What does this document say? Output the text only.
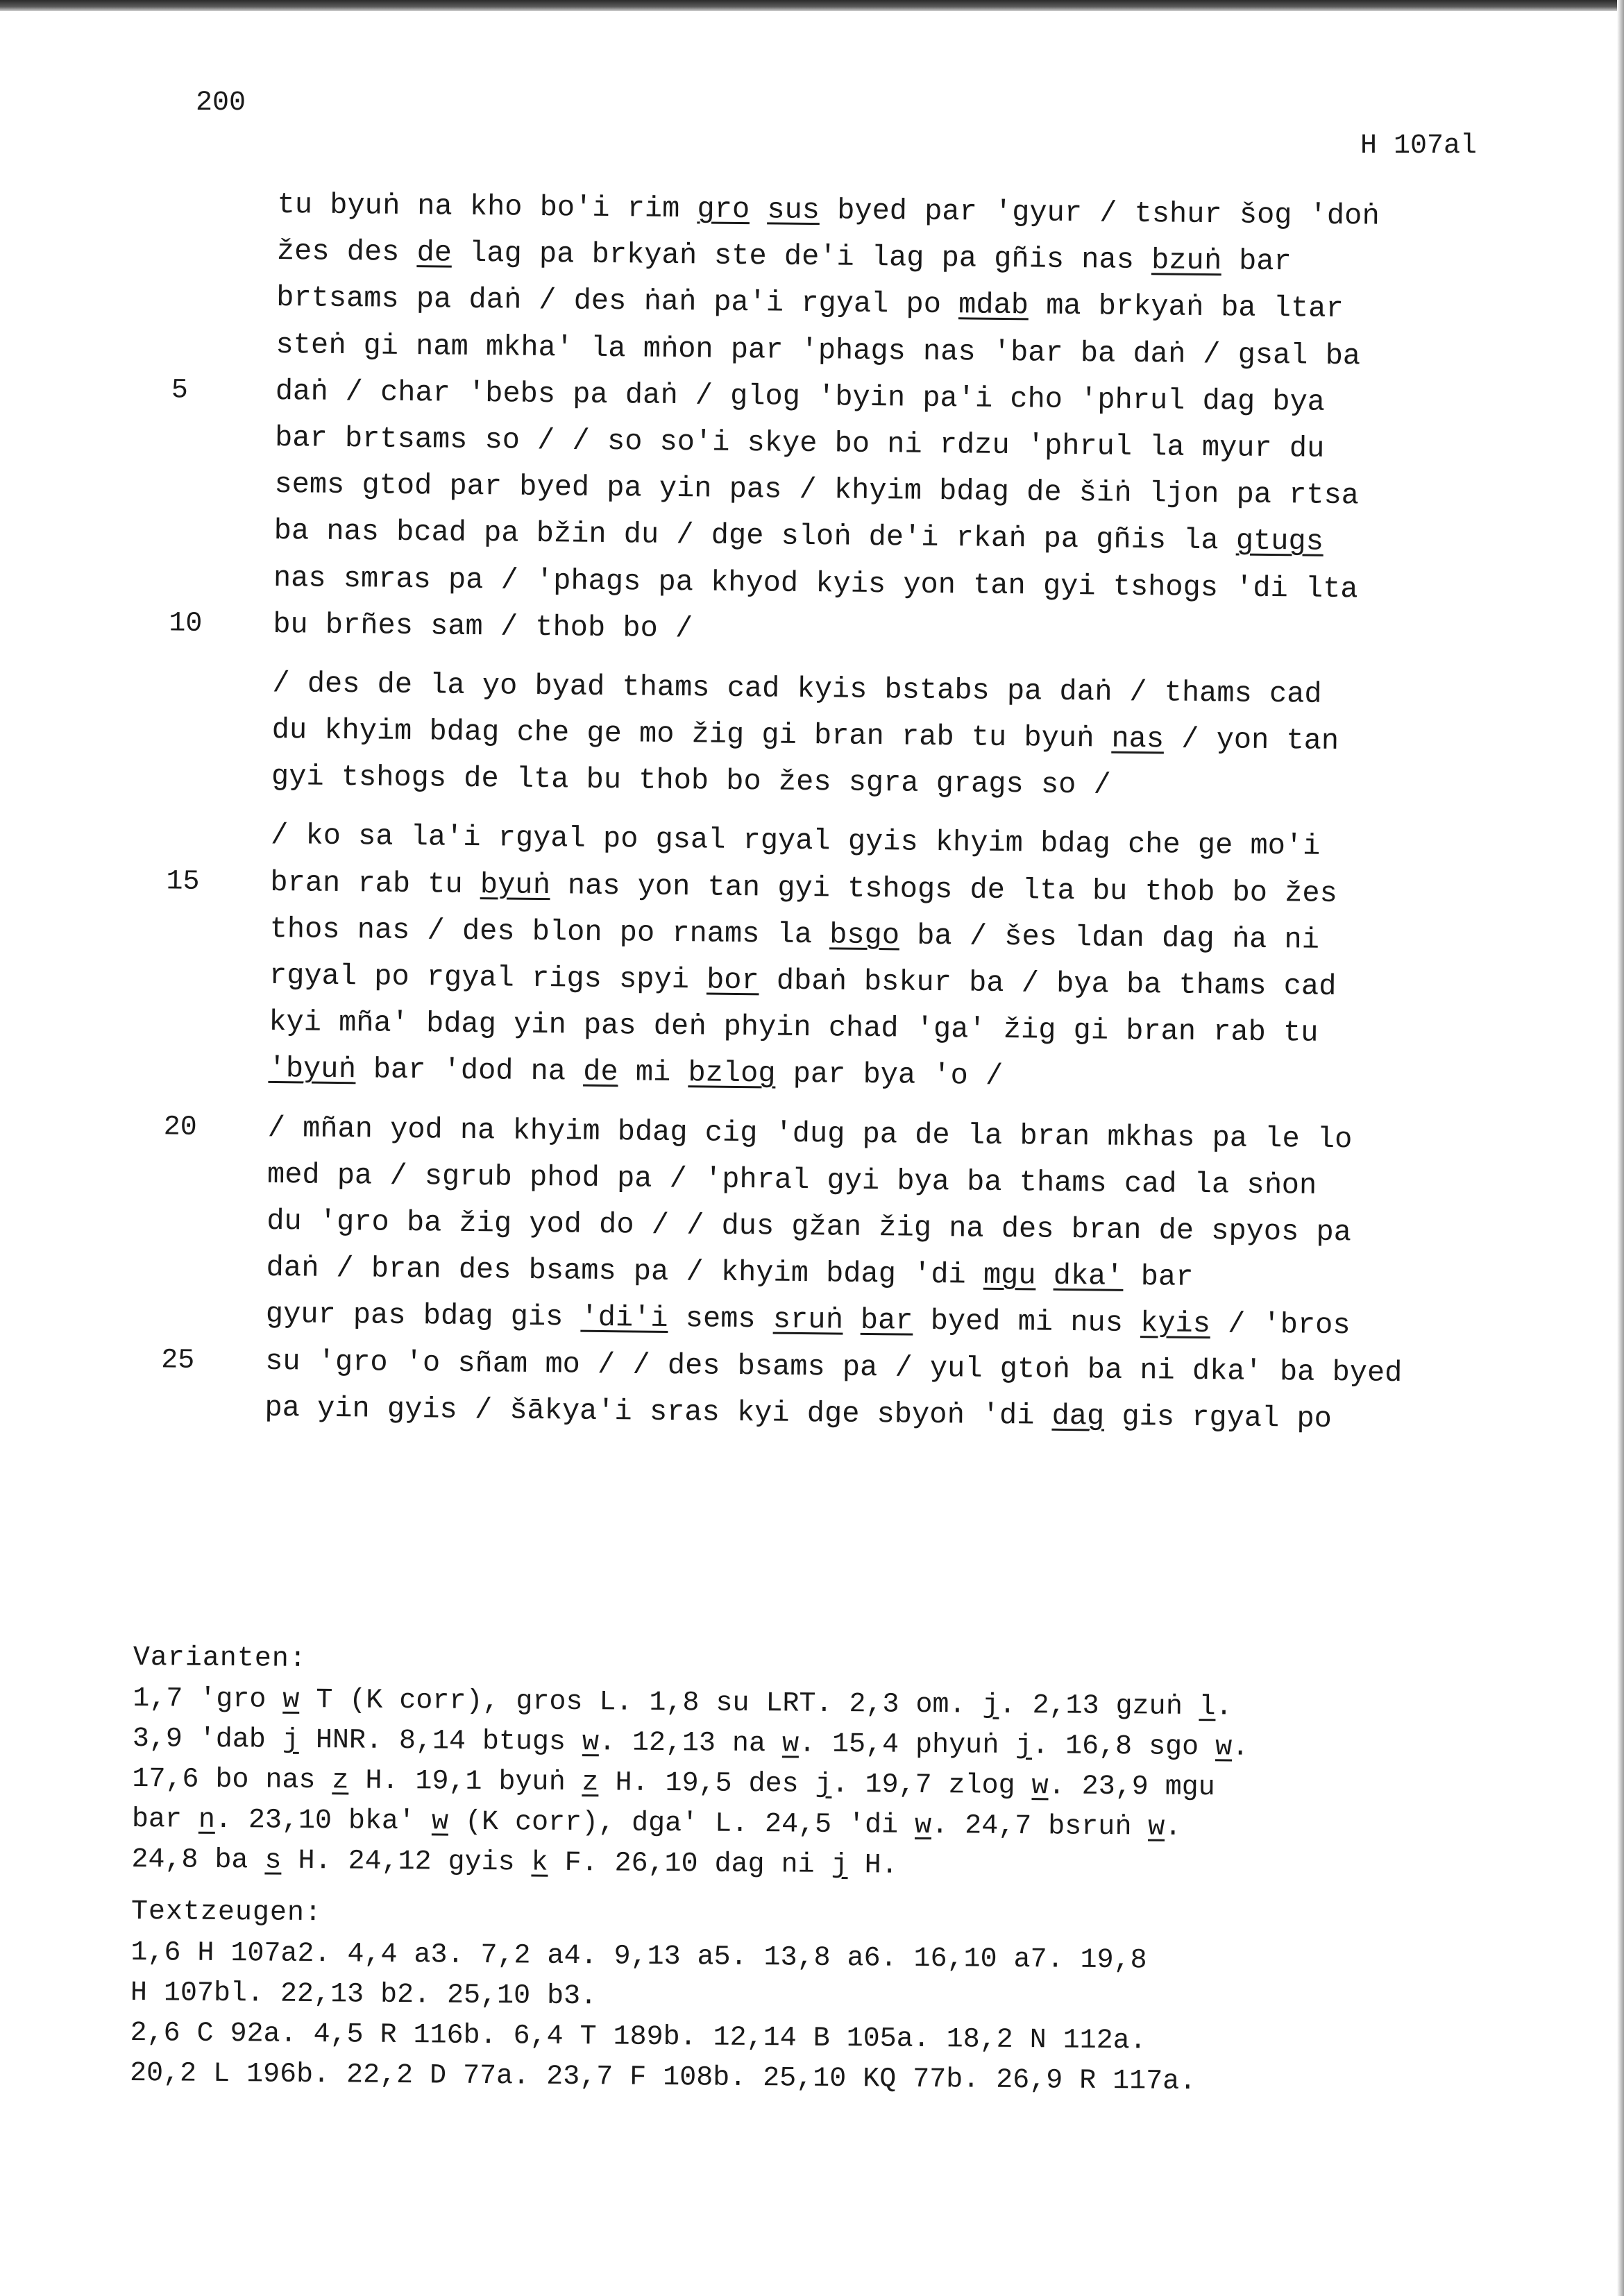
200
H 107al
tu byuṅ na kho bo'i rim gro sus byed par 'gyur / tshur šog 'doṅ
žes des de lag pa brkyaṅ ste de'i lag pa gñis nas bzuṅ bar
brtsams pa daṅ / des ṅaṅ pa'i rgyal po mdab ma brkyaṅ ba ltar
steṅ gi nam mkha' la mṅon par 'phags nas 'bar ba daṅ / gsal ba
daṅ / char 'bebs pa daṅ / glog 'byin pa'i cho 'phrul dag bya
5
bar brtsams so / / so so'i skye bo ni rdzu 'phrul la myur du
sems gtod par byed pa yin pas / khyim bdag de šiṅ ljon pa rtsa
ba nas bcad pa bžin du / dge sloṅ de'i rkaṅ pa gñis la gtugs
nas smras pa / 'phags pa khyod kyis yon tan gyi tshogs 'di lta
bu brñes sam / thob bo /
10
/ des de la yo byad thams cad kyis bstabs pa daṅ / thams cad
du khyim bdag che ge mo žig gi bran rab tu byuṅ nas / yon tan
gyi tshogs de lta bu thob bo žes sgra grags so /
/ ko sa la'i rgyal po gsal rgyal gyis khyim bdag che ge mo'i
bran rab tu byuṅ nas yon tan gyi tshogs de lta bu thob bo žes
15
thos nas / des blon po rnams la bsgo ba / šes ldan dag ṅa ni
rgyal po rgyal rigs spyi bor dbaṅ bskur ba / bya ba thams cad
kyi mña' bdag yin pas deṅ phyin chad 'ga' žig gi bran rab tu
'byuṅ bar 'dod na de mi bzlog par bya 'o /
/ mñan yod na khyim bdag cig 'dug pa de la bran mkhas pa le lo
20
med pa / sgrub phod pa / 'phral gyi bya ba thams cad la sṅon
du 'gro ba žig yod do / / dus gžan žig na des bran de spyos pa
daṅ / bran des bsams pa / khyim bdag 'di mgu dka' bar
gyur pas bdag gis 'di'i sems sruṅ bar byed mi nus kyis / 'bros
su 'gro 'o sñam mo / / des bsams pa / yul gtoṅ ba ni dka' ba byed
25
pa yin gyis / šākya'i sras kyi dge sbyoṅ 'di dag gis rgyal po
Varianten:
1,7 'gro w T (K corr), gros L. 1,8 su LRT. 2,3 om. j. 2,13 gzuṅ l.
3,9 'dab j HNR. 8,14 btugs w. 12,13 na w. 15,4 phyuṅ j. 16,8 sgo w.
17,6 bo nas z H. 19,1 byuṅ z H. 19,5 des j. 19,7 zlog w. 23,9 mgu
bar n. 23,10 bka' w (K corr), dga' L. 24,5 'di w. 24,7 bsruṅ w.
24,8 ba s H. 24,12 gyis k F. 26,10 dag ni j H.
Textzeugen:
1,6 H 107a2. 4,4 a3. 7,2 a4. 9,13 a5. 13,8 a6. 16,10 a7. 19,8
H 107bl. 22,13 b2. 25,10 b3.
2,6 C 92a. 4,5 R 116b. 6,4 T 189b. 12,14 B 105a. 18,2 N 112a.
20,2 L 196b. 22,2 D 77a. 23,7 F 108b. 25,10 KQ 77b. 26,9 R 117a.
